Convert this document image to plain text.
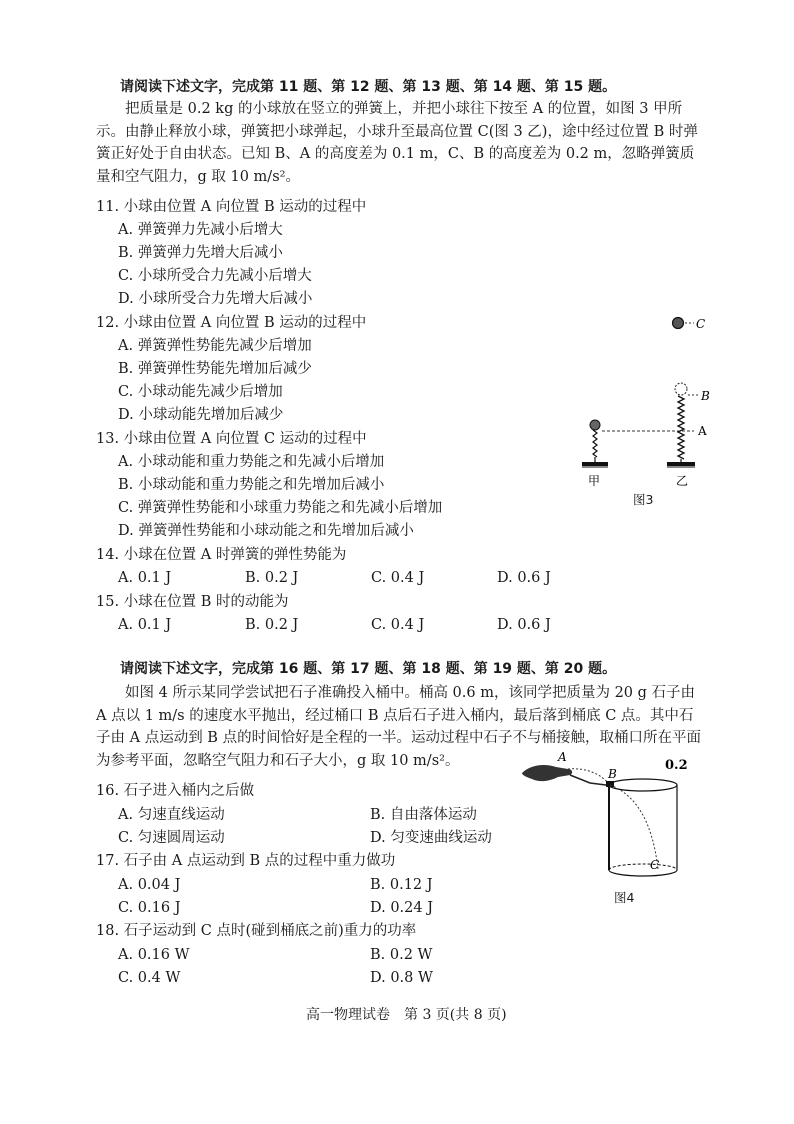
请阅读下述文字，完成第 11 题、第 12 题、第 13 题、第 14 题、第 15 题。
把质量是 0.2 kg 的小球放在竖立的弹簧上，并把小球往下按至 A 的位置，如图 3 甲所示。由静止释放小球，弹簧把小球弹起，小球升至最高位置 C(图 3 乙)，途中经过位置 B 时弹簧正好处于自由状态。已知 B、A 的高度差为 0.1 m，C、B 的高度差为 0.2 m，忽略弹簧质量和空气阻力，g 取 10 m/s²。
11. 小球由位置 A 向位置 B 运动的过程中
A. 弹簧弹力先减小后增大
B. 弹簧弹力先增大后减小
C. 小球所受合力先减小后增大
D. 小球所受合力先增大后减小
12. 小球由位置 A 向位置 B 运动的过程中
A. 弹簧弹性势能先减少后增加
B. 弹簧弹性势能先增加后减少
C. 小球动能先减少后增加
D. 小球动能先增加后减少
13. 小球由位置 A 向位置 C 运动的过程中
A. 小球动能和重力势能之和先减小后增加
B. 小球动能和重力势能之和先增加后减小
C. 弹簧弹性势能和小球重力势能之和先减小后增加
D. 弹簧弹性势能和小球动能之和先增加后减小
14. 小球在位置 A 时弹簧的弹性势能为
A. 0.1 J	B. 0.2 J	C. 0.4 J	D. 0.6 J
15. 小球在位置 B 时的动能为
A. 0.1 J	B. 0.2 J	C. 0.4 J	D. 0.6 J
C
B
A
甲	乙
图3
请阅读下述文字，完成第 16 题、第 17 题、第 18 题、第 19 题、第 20 题。
如图 4 所示某同学尝试把石子准确投入桶中。桶高 0.6 m，该同学把质量为 20 g 石子由 A 点以 1 m/s 的速度水平抛出，经过桶口 B 点后石子进入桶内，最后落到桶底 C 点。其中石子由 A 点运动到 B 点的时间恰好是全程的一半。运动过程中石子不与桶接触，取桶口所在平面为参考平面，忽略空气阻力和石子大小，g 取 10 m/s²。
16. 石子进入桶内之后做
A. 匀速直线运动	B. 自由落体运动
C. 匀速圆周运动	D. 匀变速曲线运动
17. 石子由 A 点运动到 B 点的过程中重力做功
A. 0.04 J	B. 0.12 J
C. 0.16 J	D. 0.24 J
18. 石子运动到 C 点时(碰到桶底之前)重力的功率
A. 0.16 W	B. 0.2 W
C. 0.4 W	D. 0.8 W
0.2
A
B
C
图4
高一物理试卷　第 3 页(共 8 页)
